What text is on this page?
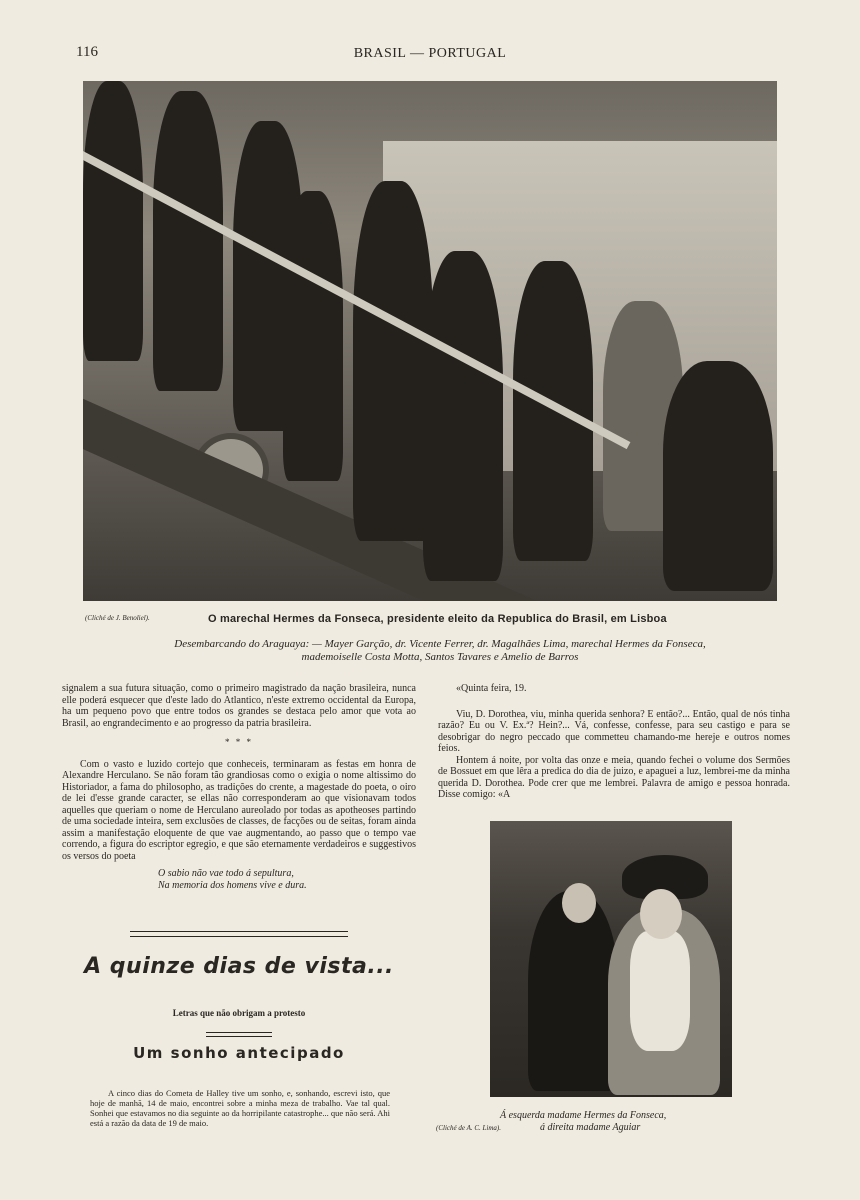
116	BRASIL — PORTUGAL
(Cliché de J. Benoliel).	O marechal Hermes da Fonseca, presidente eleito da Republica do Brasil, em Lisboa
Desembarcando do Araguaya: — Mayer Garção, dr. Vicente Ferrer, dr. Magalhães Lima, marechal Hermes da Fonseca,
mademoiselle Costa Motta, Santos Tavares e Amelio de Barros

signalem a sua futura situação, como o primeiro magistrado da nação brasileira, nunca elle poderá esquecer que d'este lado do Atlantico, n'este extremo occidental da Europa, ha um pequeno povo que entre todos os grandes se destaca pelo amor que vota ao Brasil, ao engrandecimento e ao progresso da patria brasileira.

* * *

Com o vasto e luzido cortejo que conheceis, terminaram as festas em honra de Alexandre Herculano. Se não foram tão grandiosas como o exigia o nome altissimo do Historiador, a fama do philosopho, as tradições do crente, a magestade do poeta, o oiro de lei d'esse grande caracter, se ellas não corresponderam ao que visionavam todos aquelles que queriam o nome de Herculano aureolado por todas as apotheoses partindo de uma sociedade inteira, sem exclusões de classes, de facções ou de seitas, foram ainda assim a manifestação eloquente de que vae augmentando, ao passo que o tempo vae correndo, a figura do escriptor egregio, e que são eternamente verdadeiros e suggestivos os versos do poeta

O sabio não vae todo á sepultura,
Na memoria dos homens vive e dura.
A quinze dias de vista...
Letras que não obrigam a protesto
Um sonho antecipado
A cinco dias do Cometa de Halley tive um sonho, e, sonhando, escrevi isto, que hoje de manhã, 14 de maio, encontrei sobre a minha meza de trabalho. Vae tal qual. Sonhei que estavamos no dia seguinte ao da horripilante catastrophe... que não será. Ahi está a razão da data de 19 de maio.

«Quinta feira, 19.

Viu, D. Dorothea, viu, minha querida senhora? E então?... Então, qual de nós tinha razão? Eu ou V. Ex.ª? Hein?... Vá, confesse, confesse, para seu castigo e para se desobrigar do negro peccado que commetteu chamando-me hereje e outros nomes feios.

Hontem á noite, por volta das onze e meia, quando fechei o volume dos Sermões de Bossuet em que lêra a predica do dia de juizo, e apaguei a luz, lembrei-me da minha querida D. Dorothea. Pode crer que me lembrei. Palavra de amigo e pessoa honrada. Disse comigo: «A

Á esquerda madame Hermes da Fonseca,
(Cliché de A. C. Lima).	á direita madame Aguiar
